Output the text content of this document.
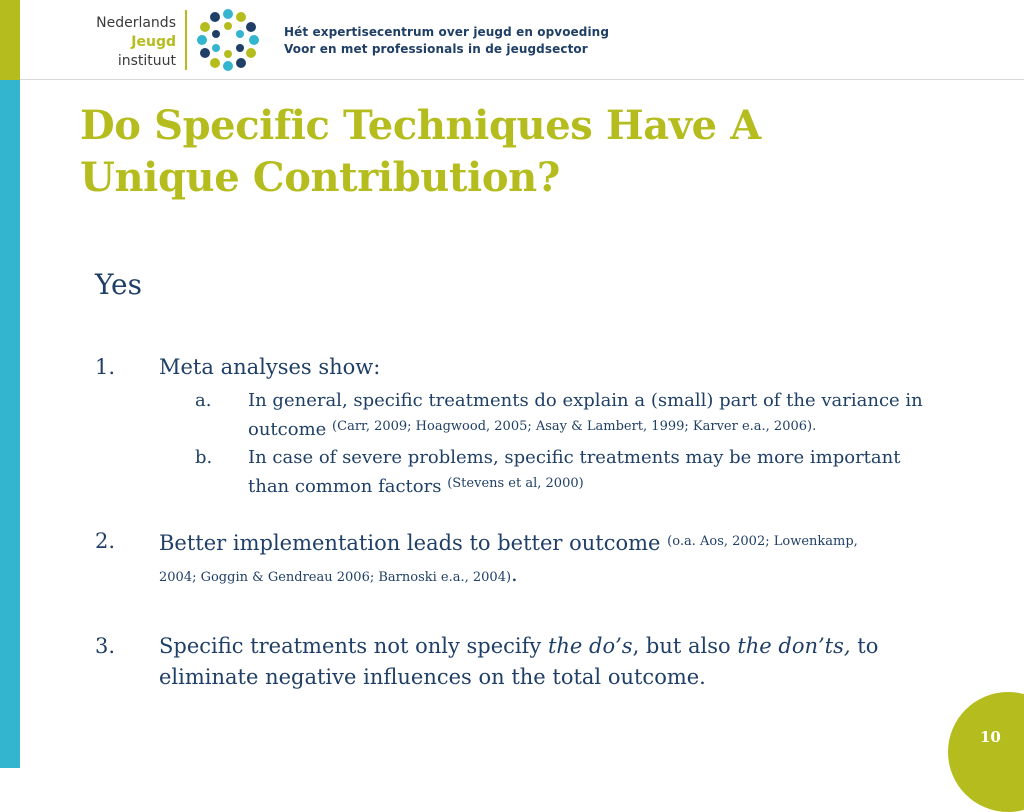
Nederlands
Jeugd
instituut
Hét expertisecentrum over jeugd en opvoeding
Voor en met professionals in de jeugdsector
Do Specific Techniques Have A
Unique Contribution?
Yes
1. Meta analyses show:
a. In general, specific treatments do explain a (small) part of the variance in
outcome $^{(Carr, 2009; Hoagwood, 2005; Asay \& Lambert, 1999; Karver e.a., 2006).}$
b. In case of severe problems, specific treatments may be more important
than common factors $^{(Stevens et al, 2000)}$
2. Better implementation leads to better outcome $^{(o.a. Aos, 2002; Lowenkamp,}$
2004; Goggin & Gendreau 2006; Barnoski e.a., 2004).
3. Specific treatments not only specify the do’s, but also the don’ts, to
eliminate negative influences on the total outcome.
10
